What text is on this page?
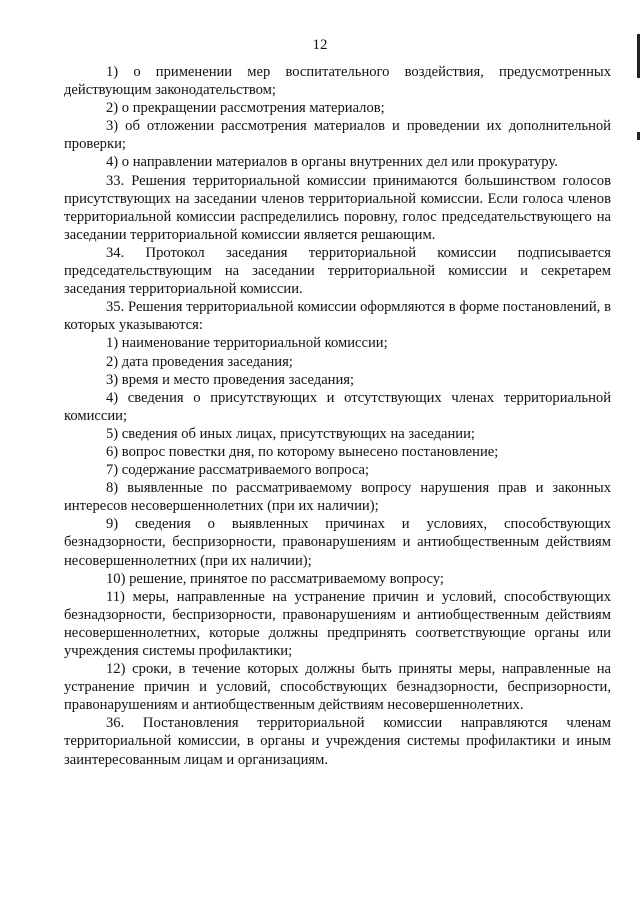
12

1) о применении мер воспитательного воздействия, предусмотренных действующим законодательством;

2) о прекращении рассмотрения материалов;

3) об отложении рассмотрения материалов и проведении их дополнительной проверки;

4) о направлении материалов в органы внутренних дел или прокуратуру.

33. Решения территориальной комиссии принимаются большинством голосов присутствующих на заседании членов территориальной комиссии. Если голоса членов территориальной комиссии распределились поровну, голос председательствующего на заседании территориальной комиссии является решающим.

34. Протокол заседания территориальной комиссии подписывается председательствующим на заседании территориальной комиссии и секретарем заседания территориальной комиссии.

35. Решения территориальной комиссии оформляются в форме постановлений, в которых указываются:

1) наименование территориальной комиссии;

2) дата проведения заседания;

3) время и место проведения заседания;

4) сведения о присутствующих и отсутствующих членах территориальной комиссии;

5) сведения об иных лицах, присутствующих на заседании;

6) вопрос повестки дня, по которому вынесено постановление;

7) содержание рассматриваемого вопроса;

8) выявленные по рассматриваемому вопросу нарушения прав и законных интересов несовершеннолетних (при их наличии);

9) сведения о выявленных причинах и условиях, способствующих безнадзорности, беспризорности, правонарушениям и антиобщественным действиям несовершеннолетних (при их наличии);

10) решение, принятое по рассматриваемому вопросу;

11) меры, направленные на устранение причин и условий, способствующих безнадзорности, беспризорности, правонарушениям и антиобщественным действиям несовершеннолетних, которые должны предпринять соответствующие органы или учреждения системы профилактики;

12) сроки, в течение которых должны быть приняты меры, направленные на устранение причин и условий, способствующих безнадзорности, беспризорности, правонарушениям и антиобщественным действиям несовершеннолетних.

36. Постановления территориальной комиссии направляются членам территориальной комиссии, в органы и учреждения системы профилактики и иным заинтересованным лицам и организациям.
